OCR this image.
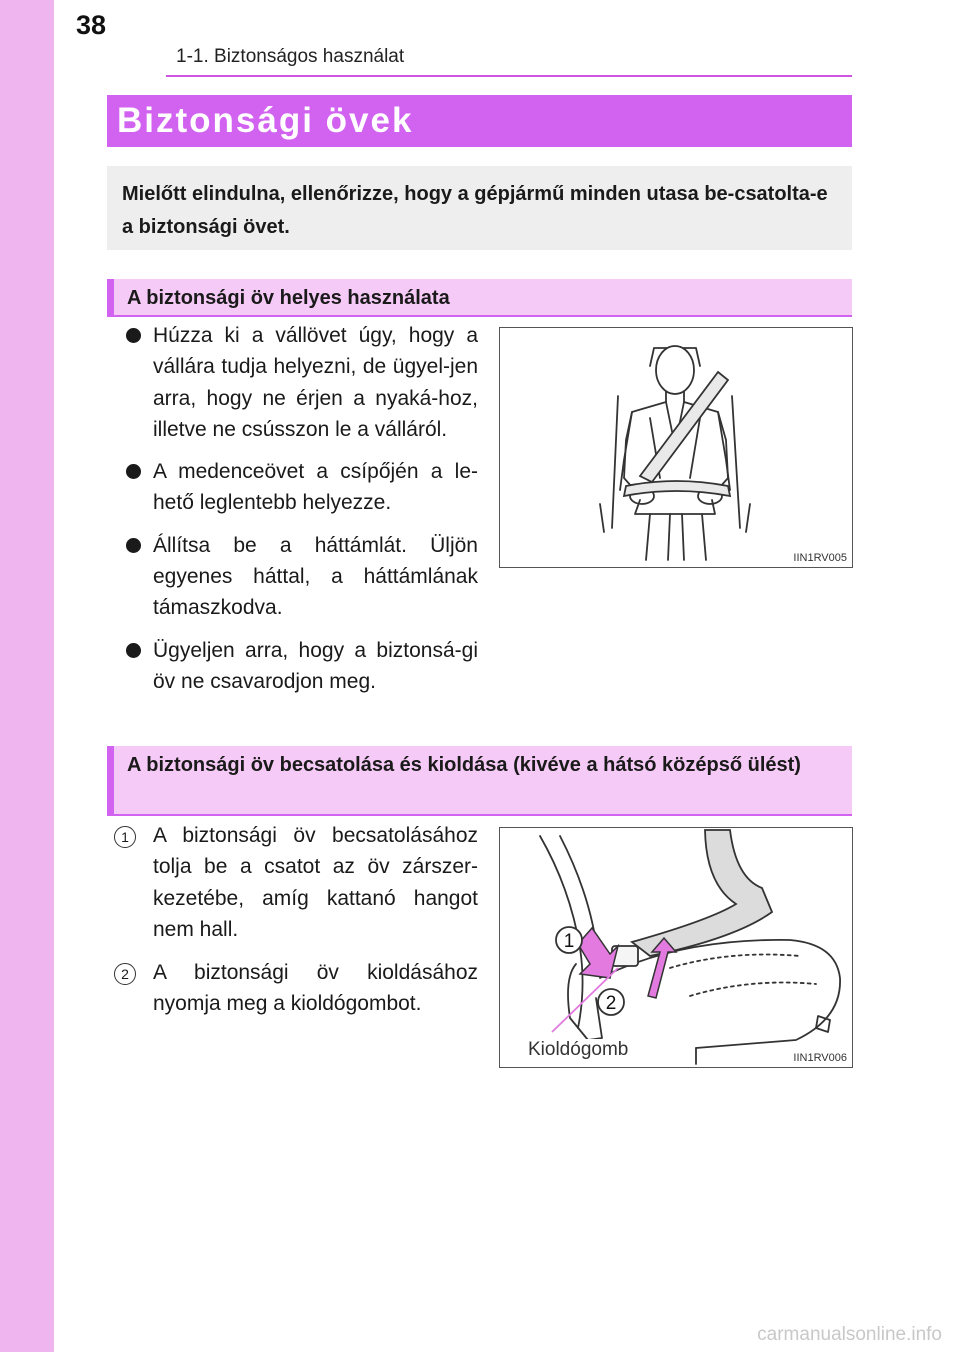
38
1-1. Biztonságos használat
Biztonsági övek
Mielőtt elindulna, ellenőrizze, hogy a gépjármű minden utasa be-csatolta-e a biztonsági övet.
A biztonsági öv helyes használata
Húzza ki a vállövet úgy, hogy a vállára tudja helyezni, de ügyel-jen arra, hogy ne érjen a nyaká-hoz, illetve ne csússzon le a válláról.
A medenceövet a csípőjén a le-hető leglentebb helyezze.
Állítsa be a háttámlát. Üljön egyenes háttal, a háttámlának támaszkodva.
Ügyeljen arra, hogy a biztonsá-gi öv ne csavarodjon meg.
IIN1RV005
A biztonsági öv becsatolása és kioldása (kivéve a hátsó középső ülést)
1	A biztonsági öv becsatolásához tolja be a csatot az öv zárszer-kezetébe, amíg kattanó hangot nem hall.
2	A biztonsági öv kioldásához nyomja meg a kioldógombot.
1
2
Kioldógomb	IIN1RV006
carmanualsonline.info
